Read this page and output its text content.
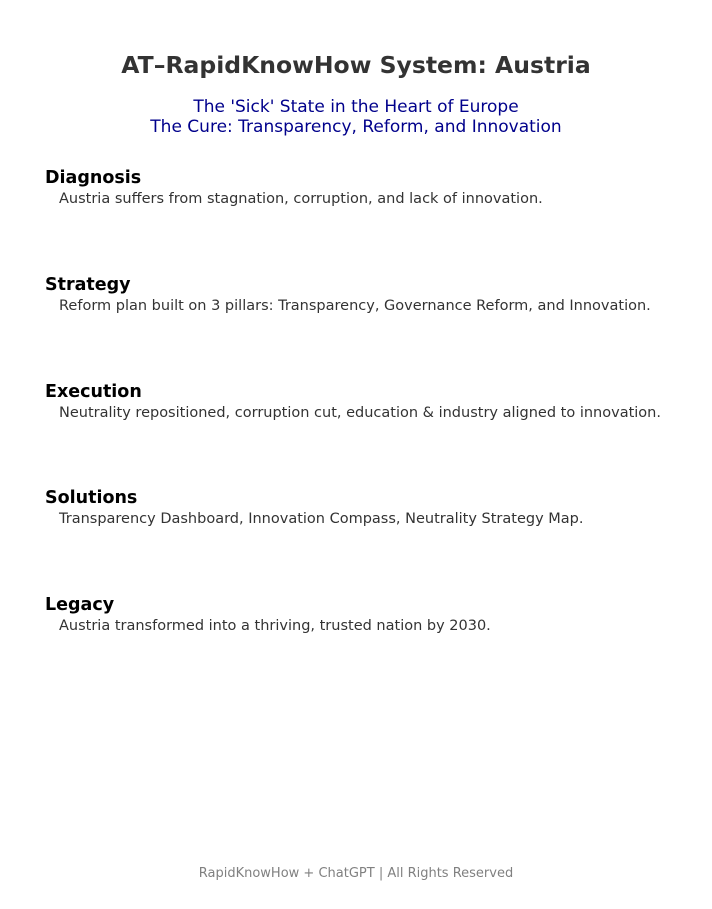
AT–RapidKnowHow System: Austria
The 'Sick' State in the Heart of Europe
The Cure: Transparency, Reform, and Innovation
Diagnosis
Austria suffers from stagnation, corruption, and lack of innovation.
Strategy
Reform plan built on 3 pillars: Transparency, Governance Reform, and Innovation.
Execution
Neutrality repositioned, corruption cut, education & industry aligned to innovation.
Solutions
Transparency Dashboard, Innovation Compass, Neutrality Strategy Map.
Legacy
Austria transformed into a thriving, trusted nation by 2030.
RapidKnowHow + ChatGPT | All Rights Reserved
